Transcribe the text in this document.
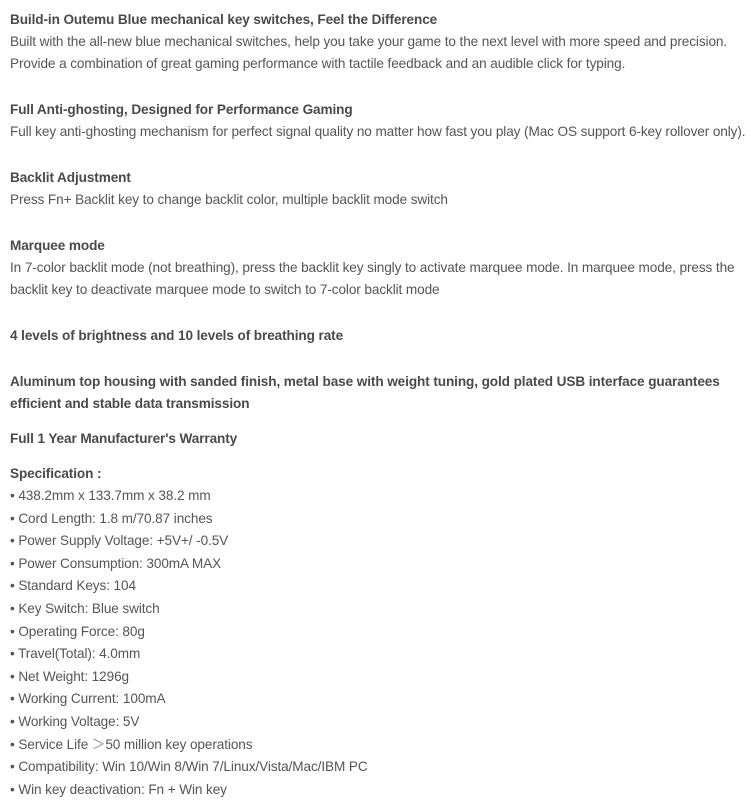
Build-in Outemu Blue mechanical key switches, Feel the Difference

Built with the all-new blue mechanical switches, help you take your game to the next level with more speed and precision. Provide a combination of great gaming performance with tactile feedback and an audible click for typing.

Full Anti-ghosting, Designed for Performance Gaming

Full key anti-ghosting mechanism for perfect signal quality no matter how fast you play (Mac OS support 6-key rollover only).

Backlit Adjustment

Press Fn+ Backlit key to change backlit color, multiple backlit mode switch

Marquee mode

In 7-color backlit mode (not breathing), press the backlit key singly to activate marquee mode. In marquee mode, press the backlit key to deactivate marquee mode to switch to 7-color backlit mode

4 levels of brightness and 10 levels of breathing rate

Aluminum top housing with sanded finish, metal base with weight tuning, gold plated USB interface guarantees efficient and stable data transmission

Full 1 Year Manufacturer's Warranty

Specification :

• 438.2mm x 133.7mm x 38.2 mm
• Cord Length: 1.8 m/70.87 inches
• Power Supply Voltage: +5V+/ -0.5V
• Power Consumption: 300mA MAX
• Standard Keys: 104
• Key Switch: Blue switch
• Operating Force: 80g
• Travel(Total): 4.0mm
• Net Weight: 1296g
• Working Current: 100mA
• Working Voltage: 5V
• Service Life ＞50 million key operations
• Compatibility: Win 10/Win 8/Win 7/Linux/Vista/Mac/IBM PC
• Win key deactivation: Fn + Win key
